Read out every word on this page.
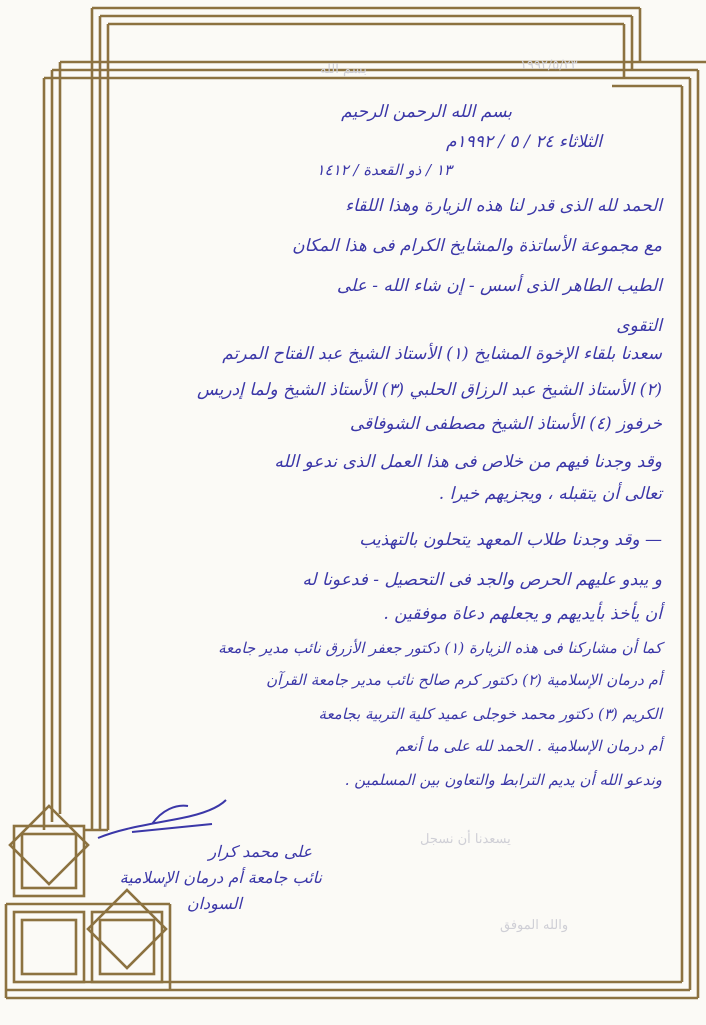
١٩٩٢/٥/٢٣
بسم الله
يسعدنا أن نسجل
والله الموفق
بسم الله الرحمن الرحيم
الثلاثاء ٢٤ / ٥ / ١٩٩٢م
١٣ / ذو القعدة / ١٤١٢
الحمد لله الذى قدر لنا هذه الزيارة وهذا اللقاء
مع مجموعة الأساتذة والمشايخ الكرام فى هذا المكان
الطيب الطاهر الذى أسس - إن شاء الله - على
التقوى
سعدنا بلقاء الإخوة المشايخ (١) الأستاذ الشيخ عبد الفتاح المرتم
(٢) الأستاذ الشيخ عبد الرزاق الحلبي (٣) الأستاذ الشيخ ولما إدريس
خرفوز (٤) الأستاذ الشيخ مصطفى الشوفاقى
وقد وجدنا فيهم من خلاص فى هذا العمل الذى ندعو الله
تعالى أن يتقبله ، ويجزيهم خيرا .
— وقد وجدنا طلاب المعهد يتحلون بالتهذيب
و يبدو عليهم الحرص والجد فى التحصيل - فدعونا له
أن يأخذ بأيديهم و يجعلهم دعاة موفقين .
كما أن مشاركنا فى هذه الزيارة (١) دكتور جعفر الأزرق نائب مدير جامعة
أم درمان الإسلامية (٢) دكتور كرم صالح نائب مدير جامعة القرآن
الكريم (٣) دكتور محمد خوجلى عميد كلية التربية بجامعة
أم درمان الإسلامية .
الحمد لله على ما أنعم
وندعو الله أن يديم الترابط والتعاون بين المسلمين .
على محمد كرار
نائب جامعة أم درمان الإسلامية
السودان
